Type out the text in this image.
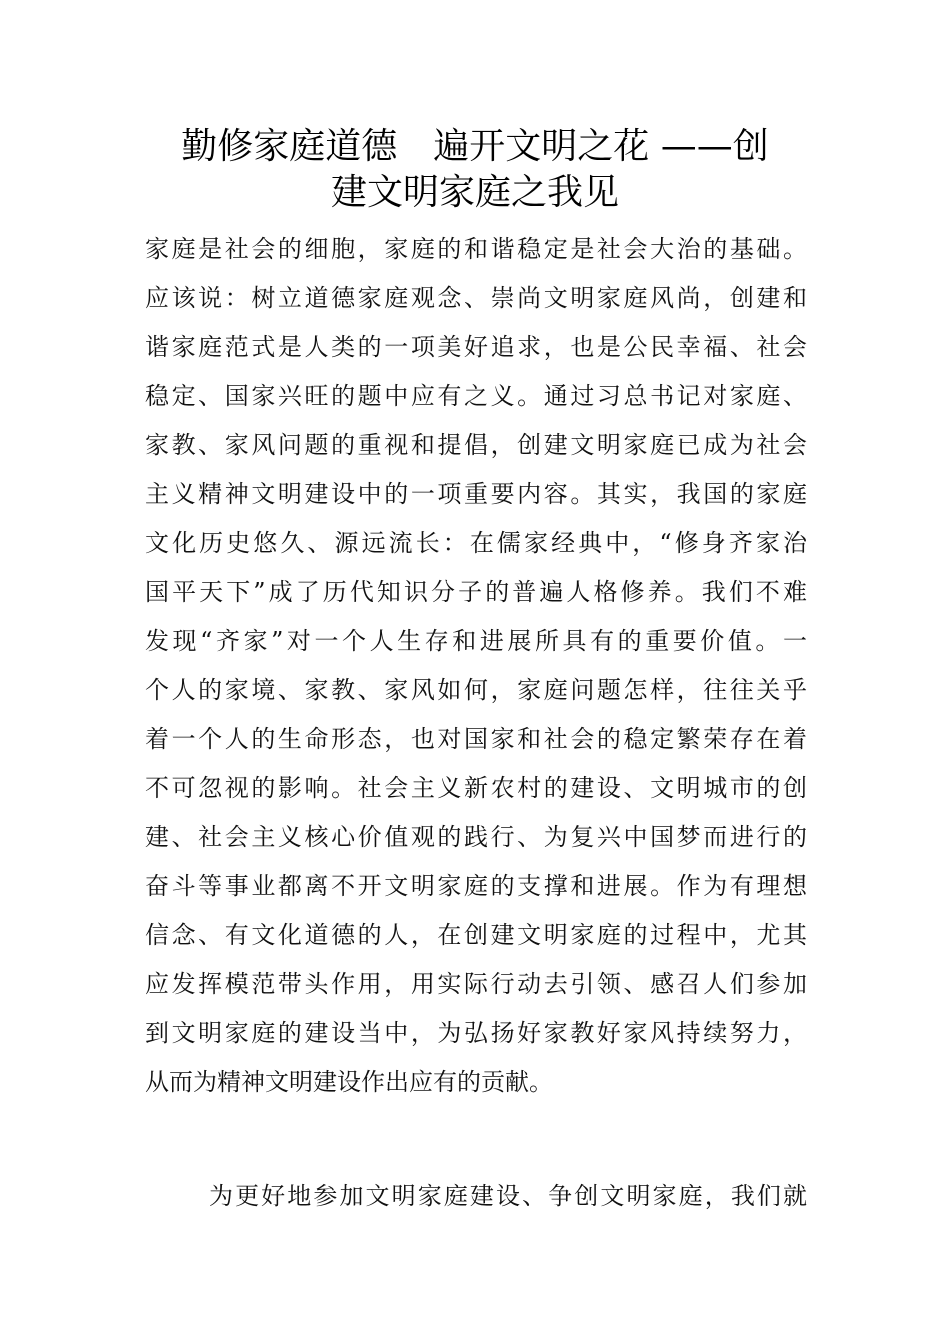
勤修家庭道德　遍开文明之花 ——创
建文明家庭之我见
家庭是社会的细胞，家庭的和谐稳定是社会大治的基础。
应该说：树立道德家庭观念、崇尚文明家庭风尚，创建和
谐家庭范式是人类的一项美好追求，也是公民幸福、社会
稳定、国家兴旺的题中应有之义。通过习总书记对家庭、
家教、家风问题的重视和提倡，创建文明家庭已成为社会
主义精神文明建设中的一项重要内容。其实，我国的家庭
文化历史悠久、源远流长：在儒家经典中，“修身齐家治
国平天下”成了历代知识分子的普遍人格修养。我们不难
发现“齐家”对一个人生存和进展所具有的重要价值。一
个人的家境、家教、家风如何，家庭问题怎样，往往关乎
着一个人的生命形态，也对国家和社会的稳定繁荣存在着
不可忽视的影响。社会主义新农村的建设、文明城市的创
建、社会主义核心价值观的践行、为复兴中国梦而进行的
奋斗等事业都离不开文明家庭的支撑和进展。作为有理想
信念、有文化道德的人，在创建文明家庭的过程中，尤其
应发挥模范带头作用，用实际行动去引领、感召人们参加
到文明家庭的建设当中，为弘扬好家教好家风持续努力，
从而为精神文明建设作出应有的贡献。
为更好地参加文明家庭建设、争创文明家庭，我们就
